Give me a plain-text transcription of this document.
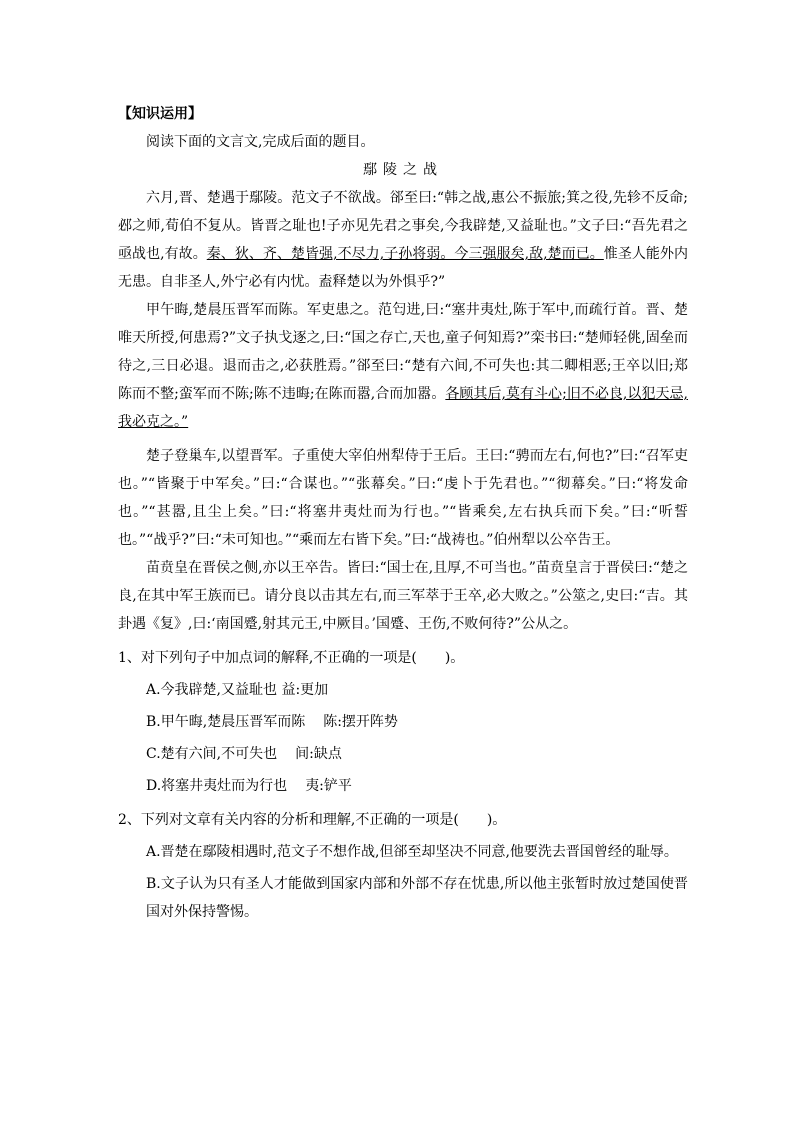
【知识运用】

阅读下面的文言文,完成后面的题目。

鄢陵之战

六月,晋、楚遇于鄢陵。范文子不欲战。郤至曰:“韩之战,惠公不振旅;箕之役,先轸不反命;邲之师,荀伯不复从。皆晋之耻也!子亦见先君之事矣,今我辟楚,又益耻也。”文子曰:“吾先君之亟战也,有故。秦、狄、齐、楚皆强,不尽力,子孙将弱。今三强服矣,敌,楚而已。惟圣人能外内无患。自非圣人,外宁必有内忧。盍释楚以为外惧乎?”

甲午晦,楚晨压晋军而陈。军吏患之。范匄进,曰:“塞井夷灶,陈于军中,而疏行首。晋、楚唯天所授,何患焉?”文子执戈逐之,曰:“国之存亡,天也,童子何知焉?”栾书曰:“楚师轻佻,固垒而待之,三日必退。退而击之,必获胜焉。”郤至曰:“楚有六间,不可失也:其二卿相恶;王卒以旧;郑陈而不整;蛮军而不陈;陈不违晦;在陈而嚣,合而加嚣。各顾其后,莫有斗心;旧不必良,以犯天忌,我必克之。”

楚子登巢车,以望晋军。子重使大宰伯州犁侍于王后。王曰:“骋而左右,何也?”曰:“召军吏也。”“皆聚于中军矣。”曰:“合谋也。”“张幕矣。”曰:“虔卜于先君也。”“彻幕矣。”曰:“将发命也。”“甚嚣,且尘上矣。”曰:“将塞井夷灶而为行也。”“皆乘矣,左右执兵而下矣。”曰:“听誓也。”“战乎?”曰:“未可知也。”“乘而左右皆下矣。”曰:“战祷也。”伯州犁以公卒告王。

苗贲皇在晋侯之侧,亦以王卒告。皆曰:“国士在,且厚,不可当也。”苗贲皇言于晋侯曰:“楚之良,在其中军王族而已。请分良以击其左右,而三军萃于王卒,必大败之。”公筮之,史曰:“吉。其卦遇《复》,曰:‘南国蹙,射其元王,中厥目。’国蹙、王伤,不败何待?”公从之。

1、对下列句子中加点词的解释,不正确的一项是(　　)。

A.今我辟楚,又益耻也 益:更加

B.甲午晦,楚晨压晋军而陈 陈:摆开阵势

C.楚有六间,不可失也 间:缺点

D.将塞井夷灶而为行也 夷:铲平

2、下列对文章有关内容的分析和理解,不正确的一项是(　　)。

A.晋楚在鄢陵相遇时,范文子不想作战,但郤至却坚决不同意,他要洗去晋国曾经的耻辱。

B.文子认为只有圣人才能做到国家内部和外部不存在忧患,所以他主张暂时放过楚国使晋国对外保持警惕。
